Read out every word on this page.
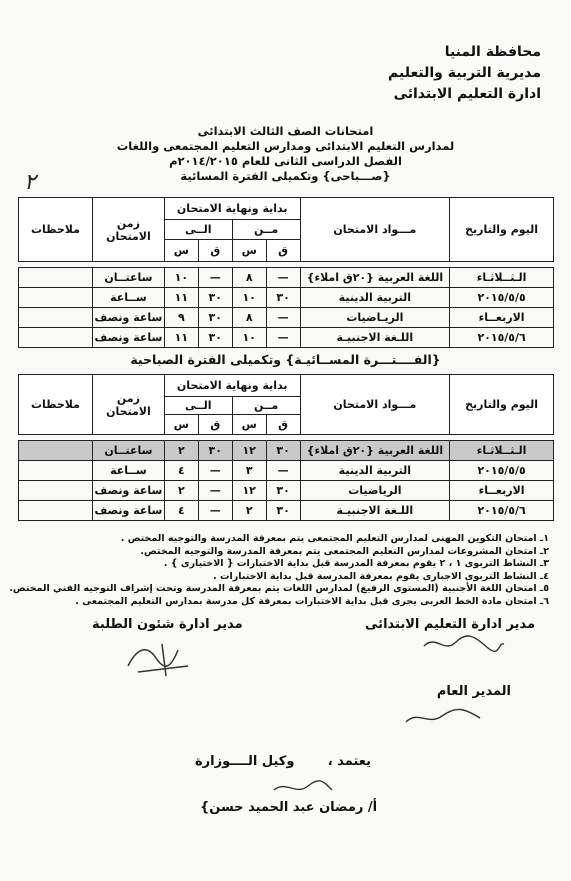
محافظة المنيا
مديرية التربية والتعليم
ادارة التعليم الابتدائى
امتحانات الصف الثالث الابتدائى
لمدارس التعليم الابتدائى ومدارس التعليم المجتمعى واللغات
الفصل الدراسى الثانى للعام ٢٠١٤/٢٠١٥م
{صـــباحى} وتكميلى الفترة المسائية
٢
اليوم والتاريخ	مـــواد الامتحان	بداية ونهاية الامتحان				زمن الامتحان	ملاحظات
		مــن		الــى			
		ق	س	ق	س		

الـثــلاثـاء	اللغة العربية {٢٠ق املاء}	—	٨	—	١٠	ساعتــان	
٢٠١٥/٥/٥	التربية الدينية	٣٠	١٠	٣٠	١١	ســاعة	
الاربعــاء	الريـاضيات	—	٨	٣٠	٩	ساعة ونصف	
٢٠١٥/٥/٦	اللـغة الاجنبيـة	—	١٠	٣٠	١١	ساعة ونصف	
{الفــــتـــرة المســائيـة} وتكميلى الفترة الصباحية
اليوم والتاريخ	مـــواد الامتحان	بداية ونهاية الامتحان				زمن الامتحان	ملاحظات
		مــن		الــى			
		ق	س	ق	س		

الـثــلاثـاء	اللغة العربية {٢٠ق املاء}	٣٠	١٢	٣٠	٢	ساعتــان	
٢٠١٥/٥/٥	التربية الدينية	—	٣	—	٤	ســاعة	
الاربعــاء	الرياضيات	٣٠	١٢	—	٢	ساعة ونصف	
٢٠١٥/٥/٦	اللـغة الاجنبيـة	٣٠	٢	—	٤	ساعة ونصف	
١ـ امتحان التكوين المهنى لمدارس التعليم المجتمعى يتم بمعرفة المدرسة والتوجيه المختص .
٢ـ امتحان المشروعات لمدارس التعليم المجتمعى يتم بمعرفة المدرسة والتوجيه المختص.
٣ـ النشاط التربوى ١ ، ٢ يقوم بمعرفة المدرسة قبل بداية الاختبارات { الاختيارى } .
٤ـ النشاط التربوى الاجبارى يقوم بمعرفة المدرسة قبل بداية الاختبارات .
٥ـ امتحان اللغة الأجنبية (المستوى الرفيع) لمدارس اللغات يتم بمعرفة المدرسة وتحت إشراف التوجيه الفني المختص.
٦ـ امتحان مادة الخط العربى يجرى قبل بداية الاختبارات بمعرفة كل مدرسة بمدارس التعليم المجتمعى .
مدير ادارة التعليم الابتدائى
مدير ادارة شئون الطلبة
المدير العام
يعتمد ،
وكيل الــــوزارة
أ/ رمضان عبد الحميد حسن}
